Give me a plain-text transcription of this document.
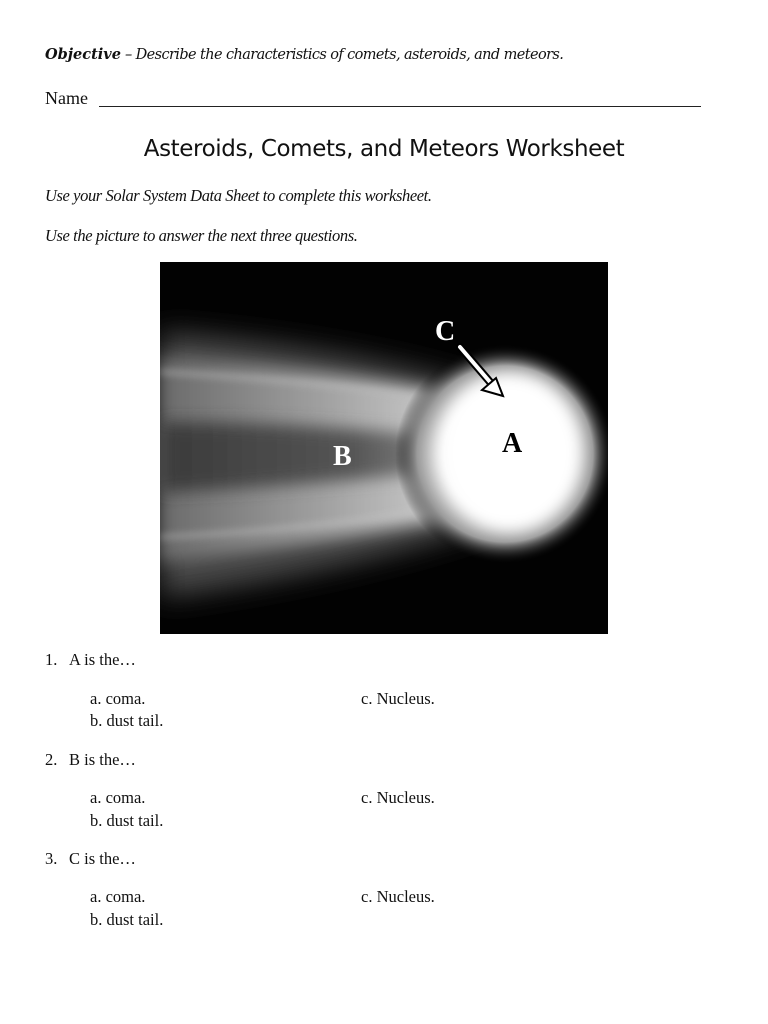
Objective – Describe the characteristics of comets, asteroids, and meteors.
Name
Asteroids, Comets, and Meteors Worksheet
Use your Solar System Data Sheet to complete this worksheet.
Use the picture to answer the next three questions.
C
A
B
1. A is the…
a. coma.	c. Nucleus.
b. dust tail.
2. B is the…
a. coma.	c. Nucleus.
b. dust tail.
3. C is the…
a. coma.	c. Nucleus.
b. dust tail.
